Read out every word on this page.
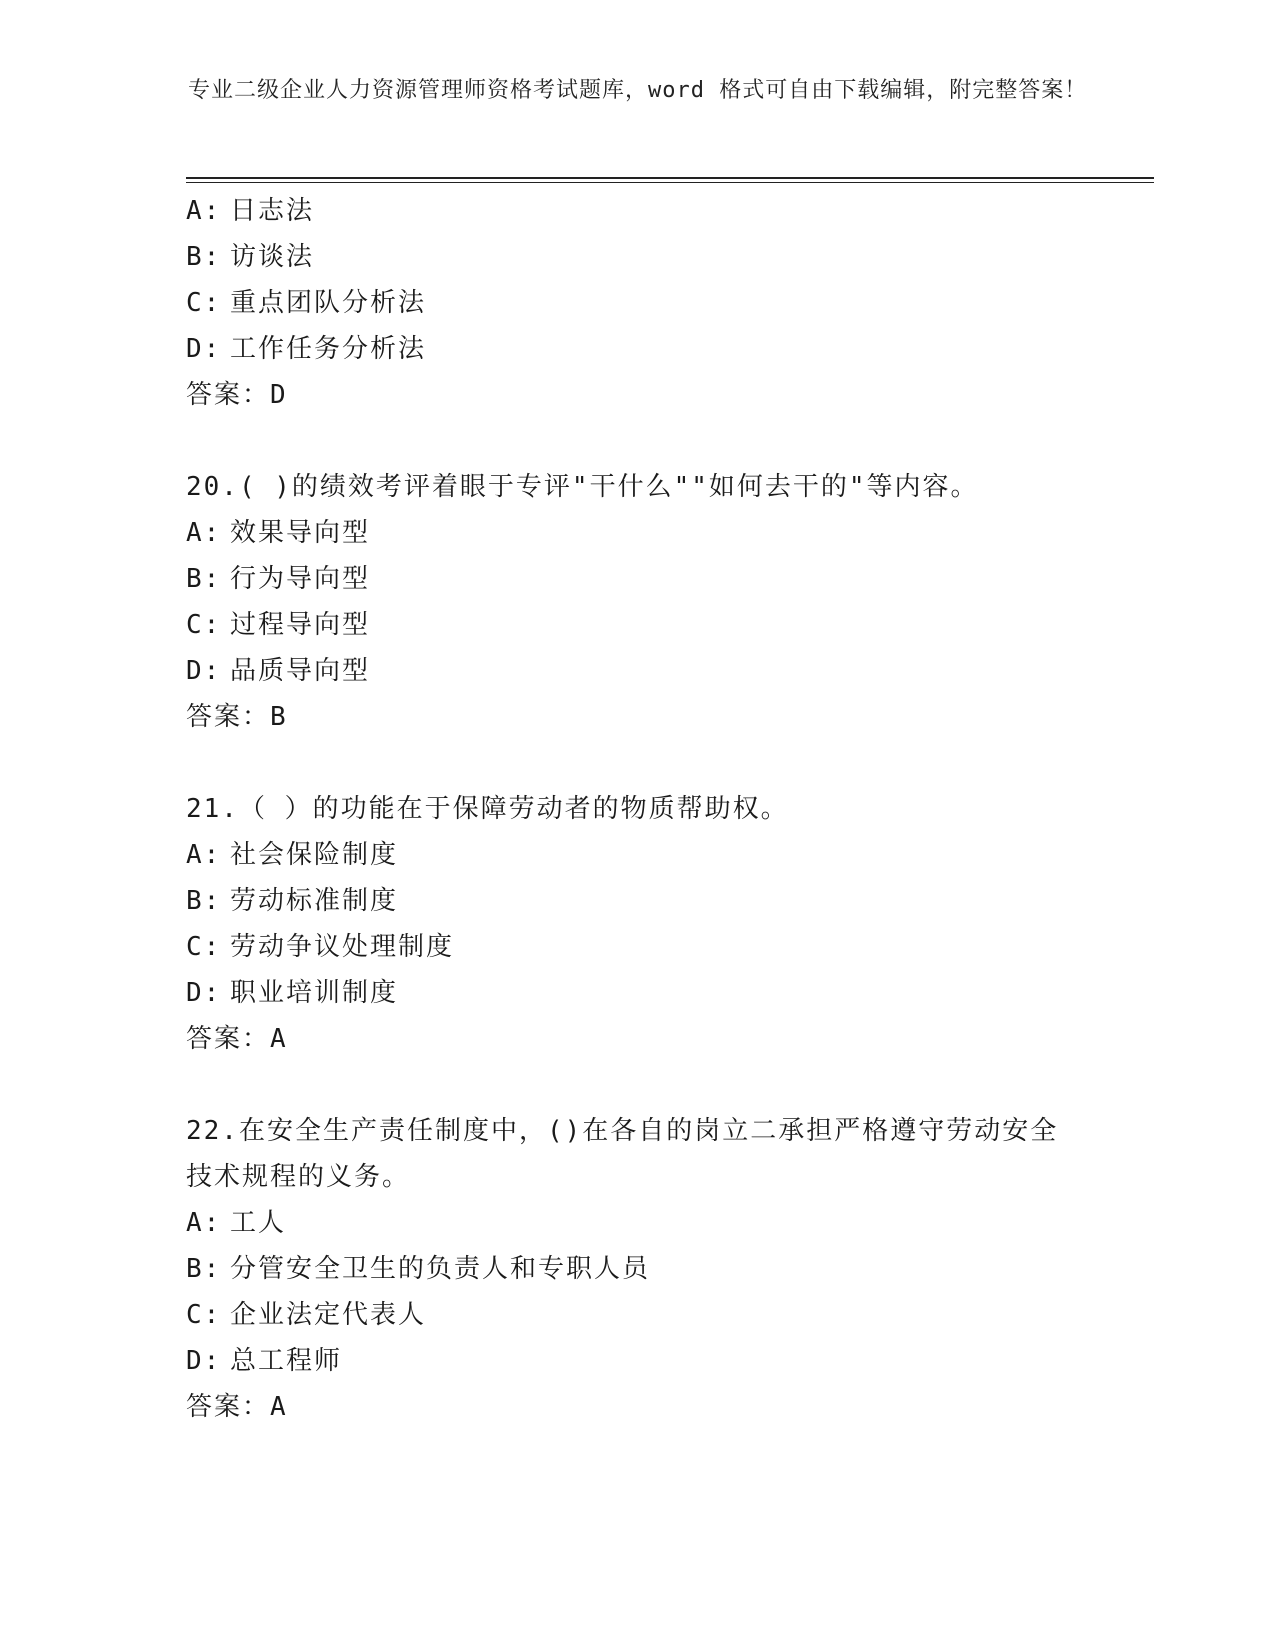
专业二级企业人力资源管理师资格考试题库，word 格式可自由下载编辑，附完整答案！
A: 日志法
B: 访谈法
C: 重点团队分析法
D: 工作任务分析法
答案：D
20.( )的绩效考评着眼于专评"干什么""如何去干的"等内容。
A: 效果导向型
B: 行为导向型
C: 过程导向型
D: 品质导向型
答案：B
21.（ ）的功能在于保障劳动者的物质帮助权。
A: 社会保险制度
B: 劳动标准制度
C: 劳动争议处理制度
D: 职业培训制度
答案：A
22.在安全生产责任制度中，()在各自的岗立二承担严格遵守劳动安全
技术规程的义务。
A: 工人
B: 分管安全卫生的负责人和专职人员
C: 企业法定代表人
D: 总工程师
答案：A
